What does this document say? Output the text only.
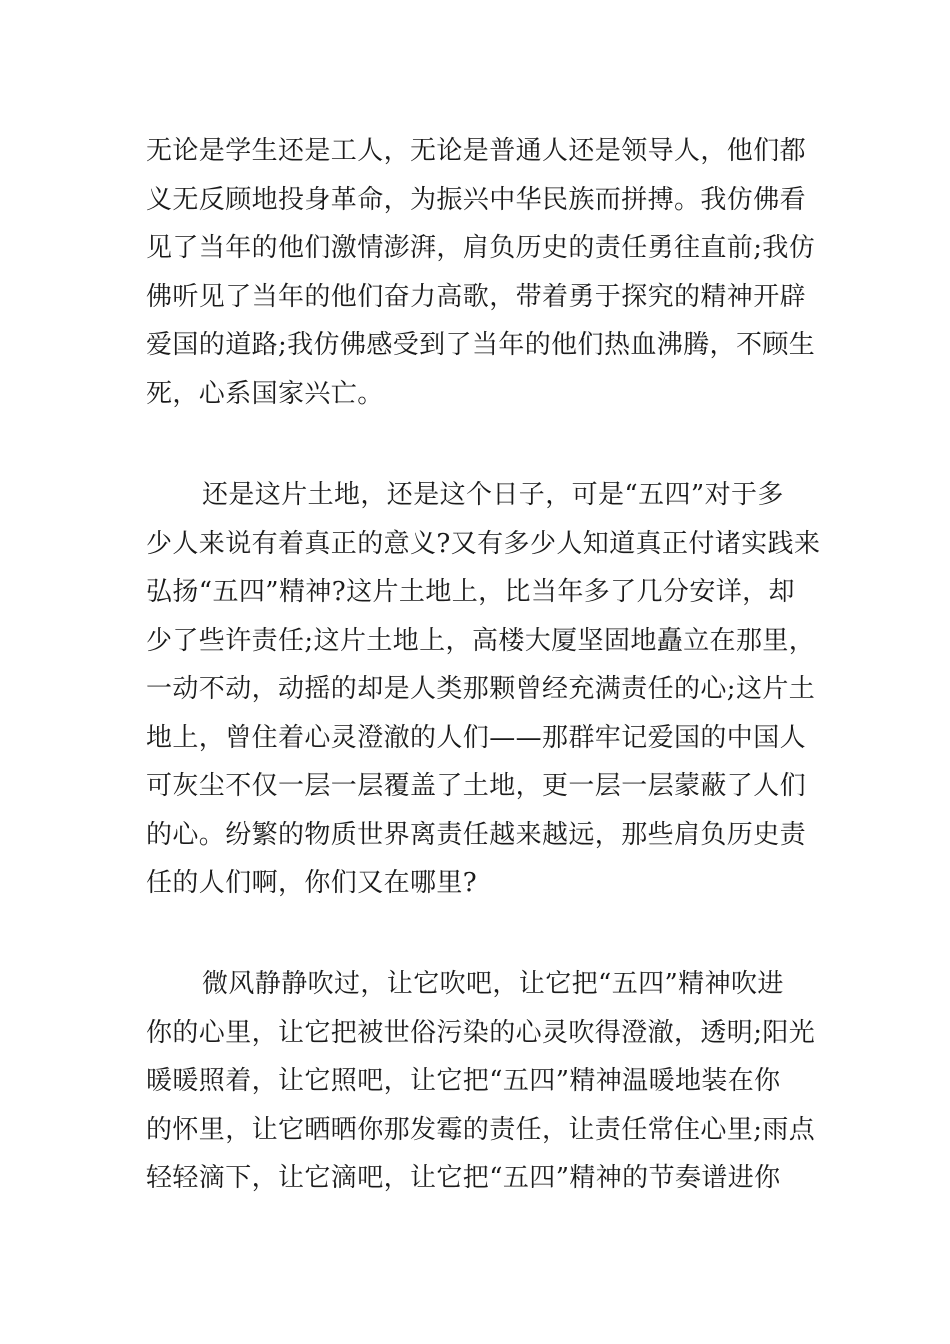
无论是学生还是工人，无论是普通人还是领导人，他们都
义无反顾地投身革命，为振兴中华民族而拼搏。我仿佛看
见了当年的他们激情澎湃，肩负历史的责任勇往直前;我仿
佛听见了当年的他们奋力高歌，带着勇于探究的精神开辟
爱国的道路;我仿佛感受到了当年的他们热血沸腾，不顾生
死，心系国家兴亡。
还是这片土地，还是这个日子，可是“五四”对于多
少人来说有着真正的意义?又有多少人知道真正付诸实践来
弘扬“五四”精神?这片土地上，比当年多了几分安详，却
少了些许责任;这片土地上，高楼大厦坚固地矗立在那里，
一动不动，动摇的却是人类那颗曾经充满责任的心;这片土
地上，曾住着心灵澄澈的人们——那群牢记爱国的中国人
可灰尘不仅一层一层覆盖了土地，更一层一层蒙蔽了人们
的心。纷繁的物质世界离责任越来越远，那些肩负历史责
任的人们啊，你们又在哪里?
微风静静吹过，让它吹吧，让它把“五四”精神吹进
你的心里，让它把被世俗污染的心灵吹得澄澈，透明;阳光
暖暖照着，让它照吧，让它把“五四”精神温暖地装在你
的怀里，让它晒晒你那发霉的责任，让责任常住心里;雨点
轻轻滴下，让它滴吧，让它把“五四”精神的节奏谱进你
